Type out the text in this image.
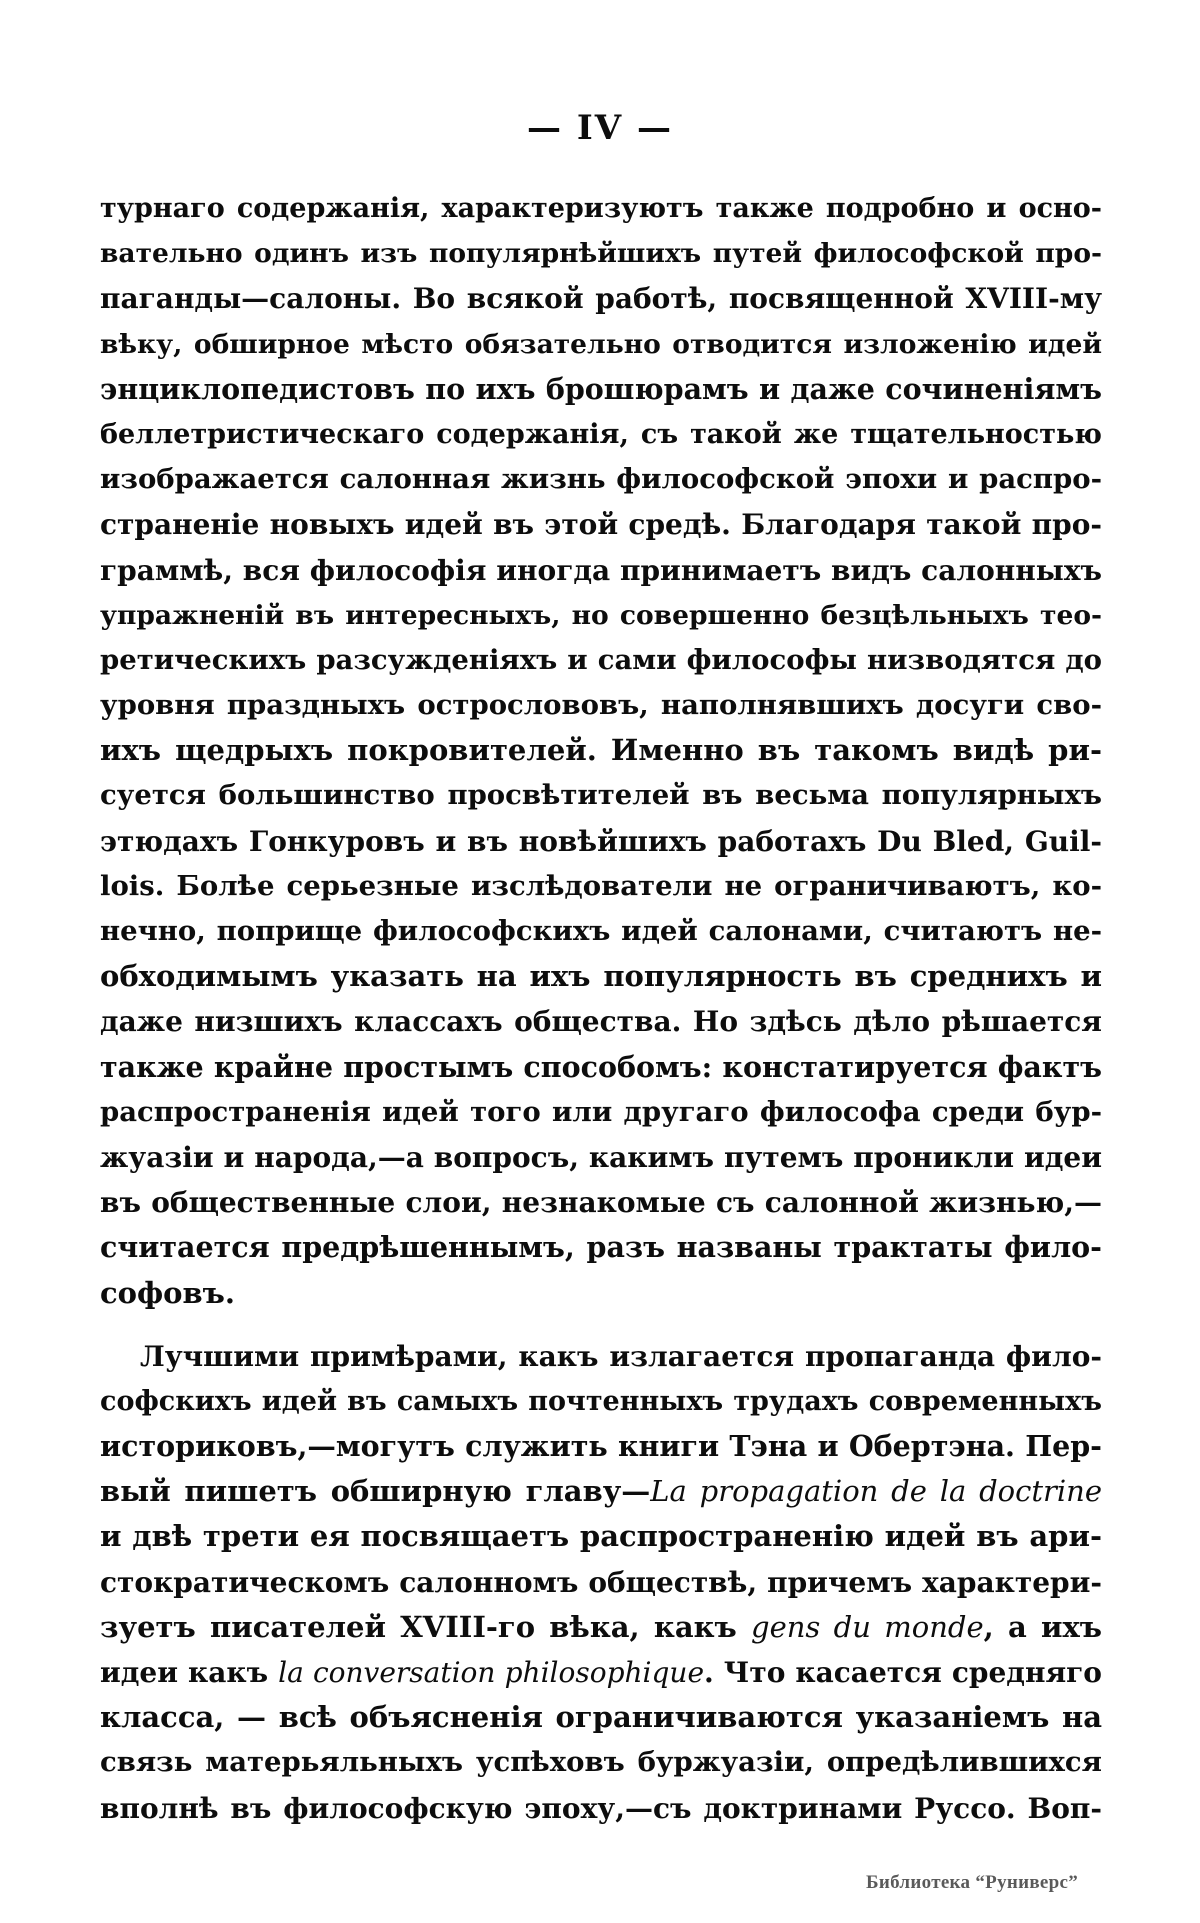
— IV —
турнаго содержанія, характеризуютъ также подробно и осно-
вательно одинъ изъ популярнѣйшихъ путей философской про-
паганды—салоны. Во всякой работѣ, посвященной XVIII-му
вѣку, обширное мѣсто обязательно отводится изложенію идей
энциклопедистовъ по ихъ брошюрамъ и даже сочиненіямъ
беллетристическаго содержанія, съ такой же тщательностью
изображается салонная жизнь философской эпохи и распро-
страненіе новыхъ идей въ этой средѣ. Благодаря такой про-
граммѣ, вся философія иногда принимаетъ видъ салонныхъ
упражненій въ интересныхъ, но совершенно безцѣльныхъ тео-
ретическихъ разсужденіяхъ и сами философы низводятся до
уровня праздныхъ острослововъ, наполнявшихъ досуги сво-
ихъ щедрыхъ покровителей. Именно въ такомъ видѣ ри-
суется большинство просвѣтителей въ весьма популярныхъ
этюдахъ Гонкуровъ и въ новѣйшихъ работахъ Du Bled, Guil-
lois. Болѣе серьезные изслѣдователи не ограничиваютъ, ко-
нечно, поприще философскихъ идей салонами, считаютъ не-
обходимымъ указать на ихъ популярность въ среднихъ и
даже низшихъ классахъ общества. Но здѣсь дѣло рѣшается
также крайне простымъ способомъ: констатируется фактъ
распространенія идей того или другаго философа среди бур-
жуазіи и народа,—а вопросъ, какимъ путемъ проникли идеи
въ общественные слои, незнакомые съ салонной жизнью,—
считается предрѣшеннымъ, разъ названы трактаты фило-
софовъ.
Лучшими примѣрами, какъ излагается пропаганда фило-
софскихъ идей въ самыхъ почтенныхъ трудахъ современныхъ
историковъ,—могутъ служить книги Тэна и Обертэна. Пер-
вый пишетъ обширную главу—La propagation de la doctrine
и двѣ трети ея посвящаетъ распространенію идей въ ари-
стократическомъ салонномъ обществѣ, причемъ характери-
зуетъ писателей XVIII-го вѣка, какъ gens du monde, а ихъ
идеи какъ la conversation philosophique. Что касается средняго
класса, — всѣ объясненія ограничиваются указаніемъ на
связь матерьяльныхъ успѣховъ буржуазіи, опредѣлившихся
вполнѣ въ философскую эпоху,—съ доктринами Руссо. Воп-
Библиотека “Руниверс”
